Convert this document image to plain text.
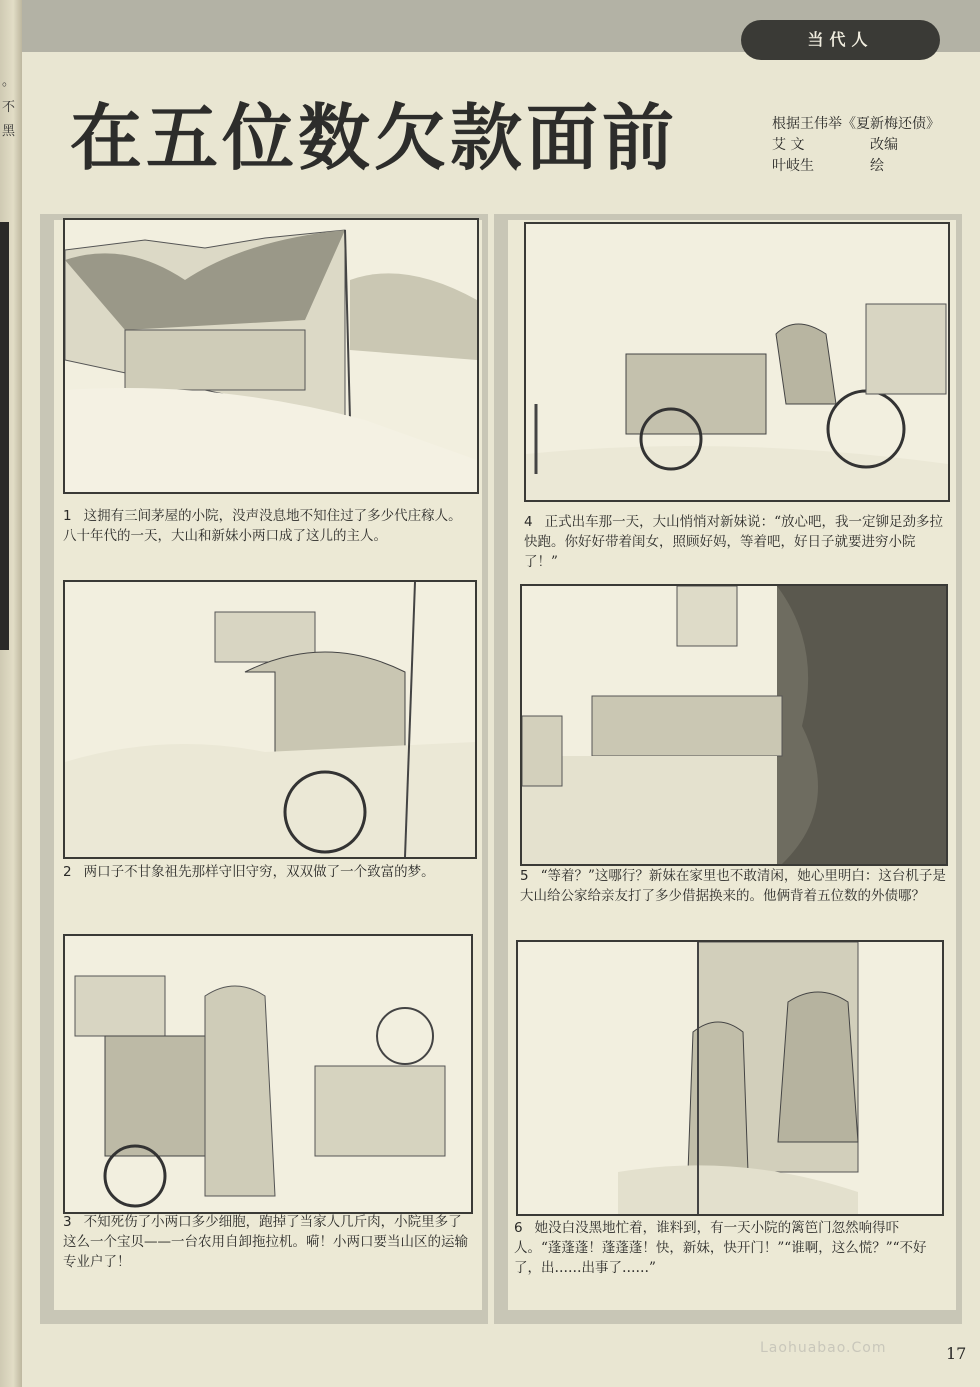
。
不
黑
当代人
在五位数欠款面前	根据王伟举《夏新梅还债》
艾 文	改编
叶岐生	绘
1 这拥有三间茅屋的小院，没声没息地不知住过了多少代庄稼人。八十年代的一天，大山和新妹小两口成了这儿的主人。
2 两口子不甘象祖先那样守旧守穷，双双做了一个致富的梦。
3 不知死伤了小两口多少细胞，跑掉了当家人几斤肉，小院里多了这么一个宝贝——一台农用自卸拖拉机。嗬！小两口要当山区的运输专业户了！
4 正式出车那一天，大山悄悄对新妹说：“放心吧，我一定铆足劲多拉快跑。你好好带着闺女，照顾好妈，等着吧，好日子就要进穷小院了！”
5 “等着？”这哪行？新妹在家里也不敢清闲，她心里明白：这台机子是大山给公家给亲友打了多少借据换来的。他俩背着五位数的外债哪？
6 她没白没黑地忙着，谁料到，有一天小院的篱笆门忽然响得吓人。“蓬蓬蓬！蓬蓬蓬！快，新妹，快开门！”“谁啊，这么慌？”“不好了，出……出事了……”
Laohuabao.Com	17
